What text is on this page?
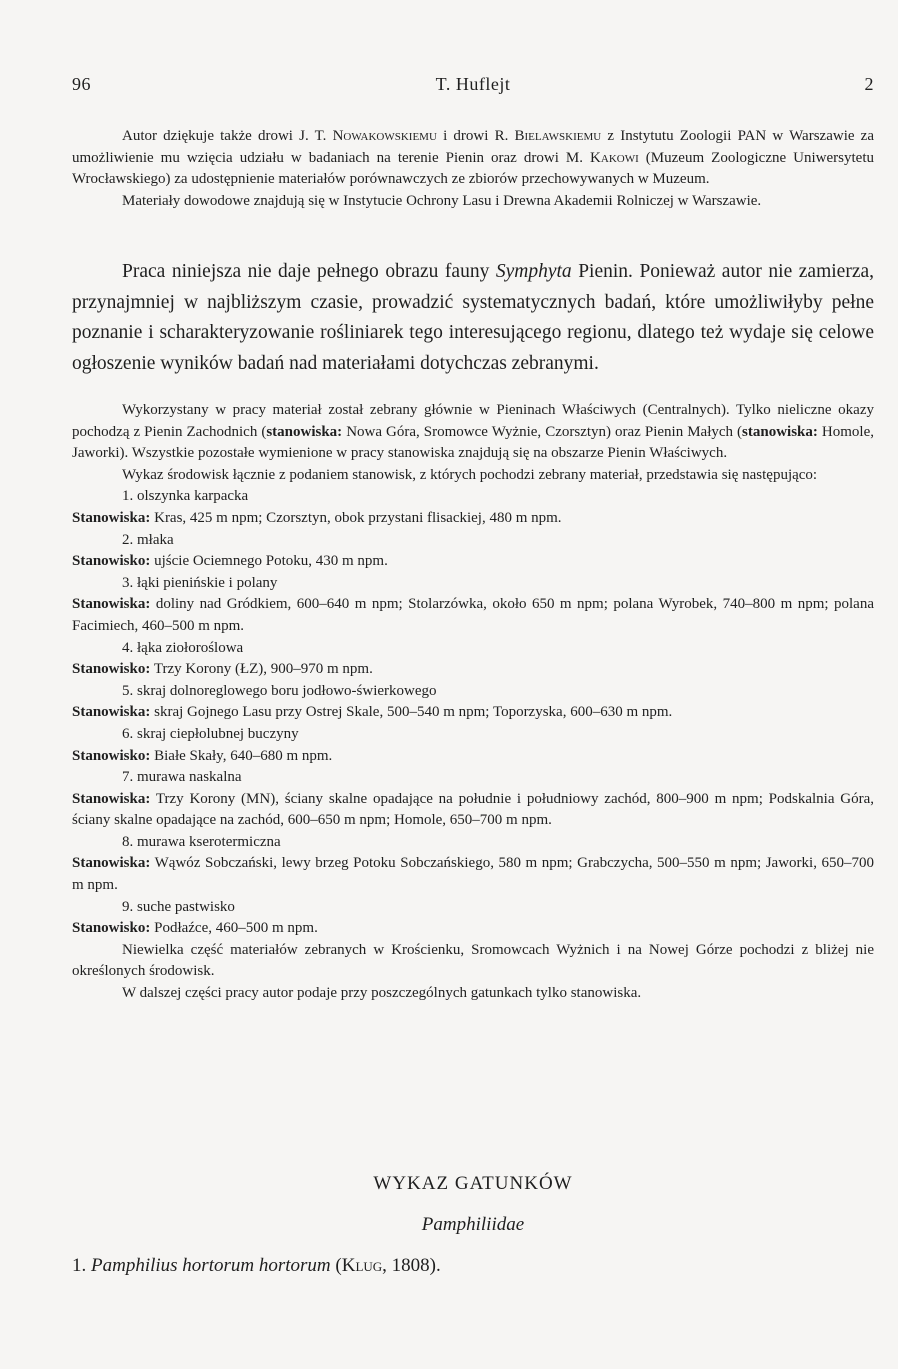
96	T. Huflejt	2

Autor dziękuje także drowi J. T. Nowakowskiemu i drowi R. Bielawskiemu z Instytutu Zoologii PAN w Warszawie za umożliwienie mu wzięcia udziału w badaniach na terenie Pienin oraz drowi M. Kakowi (Muzeum Zoologiczne Uniwersytetu Wrocławskiego) za udostępnienie materiałów porównawczych ze zbiorów przechowywanych w Muzeum.

Materiały dowodowe znajdują się w Instytucie Ochrony Lasu i Drewna Akademii Rolniczej w Warszawie.

Praca niniejsza nie daje pełnego obrazu fauny Symphyta Pienin. Ponieważ autor nie zamierza, przynajmniej w najbliższym czasie, prowadzić systematycznych badań, które umożliwiłyby pełne poznanie i scharakteryzowanie rośliniarek tego interesującego regionu, dlatego też wydaje się celowe ogłoszenie wyników badań nad materiałami dotychczas zebranymi.

Wykorzystany w pracy materiał został zebrany głównie w Pieninach Właściwych (Centralnych). Tylko nieliczne okazy pochodzą z Pienin Zachodnich (stanowiska: Nowa Góra, Sromowce Wyżnie, Czorsztyn) oraz Pienin Małych (stanowiska: Homole, Jaworki). Wszystkie pozostałe wymienione w pracy stanowiska znajdują się na obszarze Pienin Właściwych.

Wykaz środowisk łącznie z podaniem stanowisk, z których pochodzi zebrany materiał, przedstawia się następująco:

1. olszynka karpacka

Stanowiska: Kras, 425 m npm; Czorsztyn, obok przystani flisackiej, 480 m npm.

2. młaka

Stanowisko: ujście Ociemnego Potoku, 430 m npm.

3. łąki pienińskie i polany

Stanowiska: doliny nad Gródkiem, 600–640 m npm; Stolarzówka, około 650 m npm; polana Wyrobek, 740–800 m npm; polana Facimiech, 460–500 m npm.

4. łąka ziołoroślowa

Stanowisko: Trzy Korony (ŁZ), 900–970 m npm.

5. skraj dolnoreglowego boru jodłowo-świerkowego

Stanowiska: skraj Gojnego Lasu przy Ostrej Skale, 500–540 m npm; Toporzyska, 600–630 m npm.

6. skraj ciepłolubnej buczyny

Stanowisko: Białe Skały, 640–680 m npm.

7. murawa naskalna

Stanowiska: Trzy Korony (MN), ściany skalne opadające na południe i południowy zachód, 800–900 m npm; Podskalnia Góra, ściany skalne opadające na zachód, 600–650 m npm; Homole, 650–700 m npm.

8. murawa kserotermiczna

Stanowiska: Wąwóz Sobczański, lewy brzeg Potoku Sobczańskiego, 580 m npm; Grabczycha, 500–550 m npm; Jaworki, 650–700 m npm.

9. suche pastwisko

Stanowisko: Podłaźce, 460–500 m npm.

Niewielka część materiałów zebranych w Krościenku, Sromowcach Wyżnich i na Nowej Górze pochodzi z bliżej nie określonych środowisk.

W dalszej części pracy autor podaje przy poszczególnych gatunkach tylko stanowiska.

WYKAZ GATUNKÓW

Pamphiliidae

1. Pamphilius hortorum hortorum (Klug, 1808).
